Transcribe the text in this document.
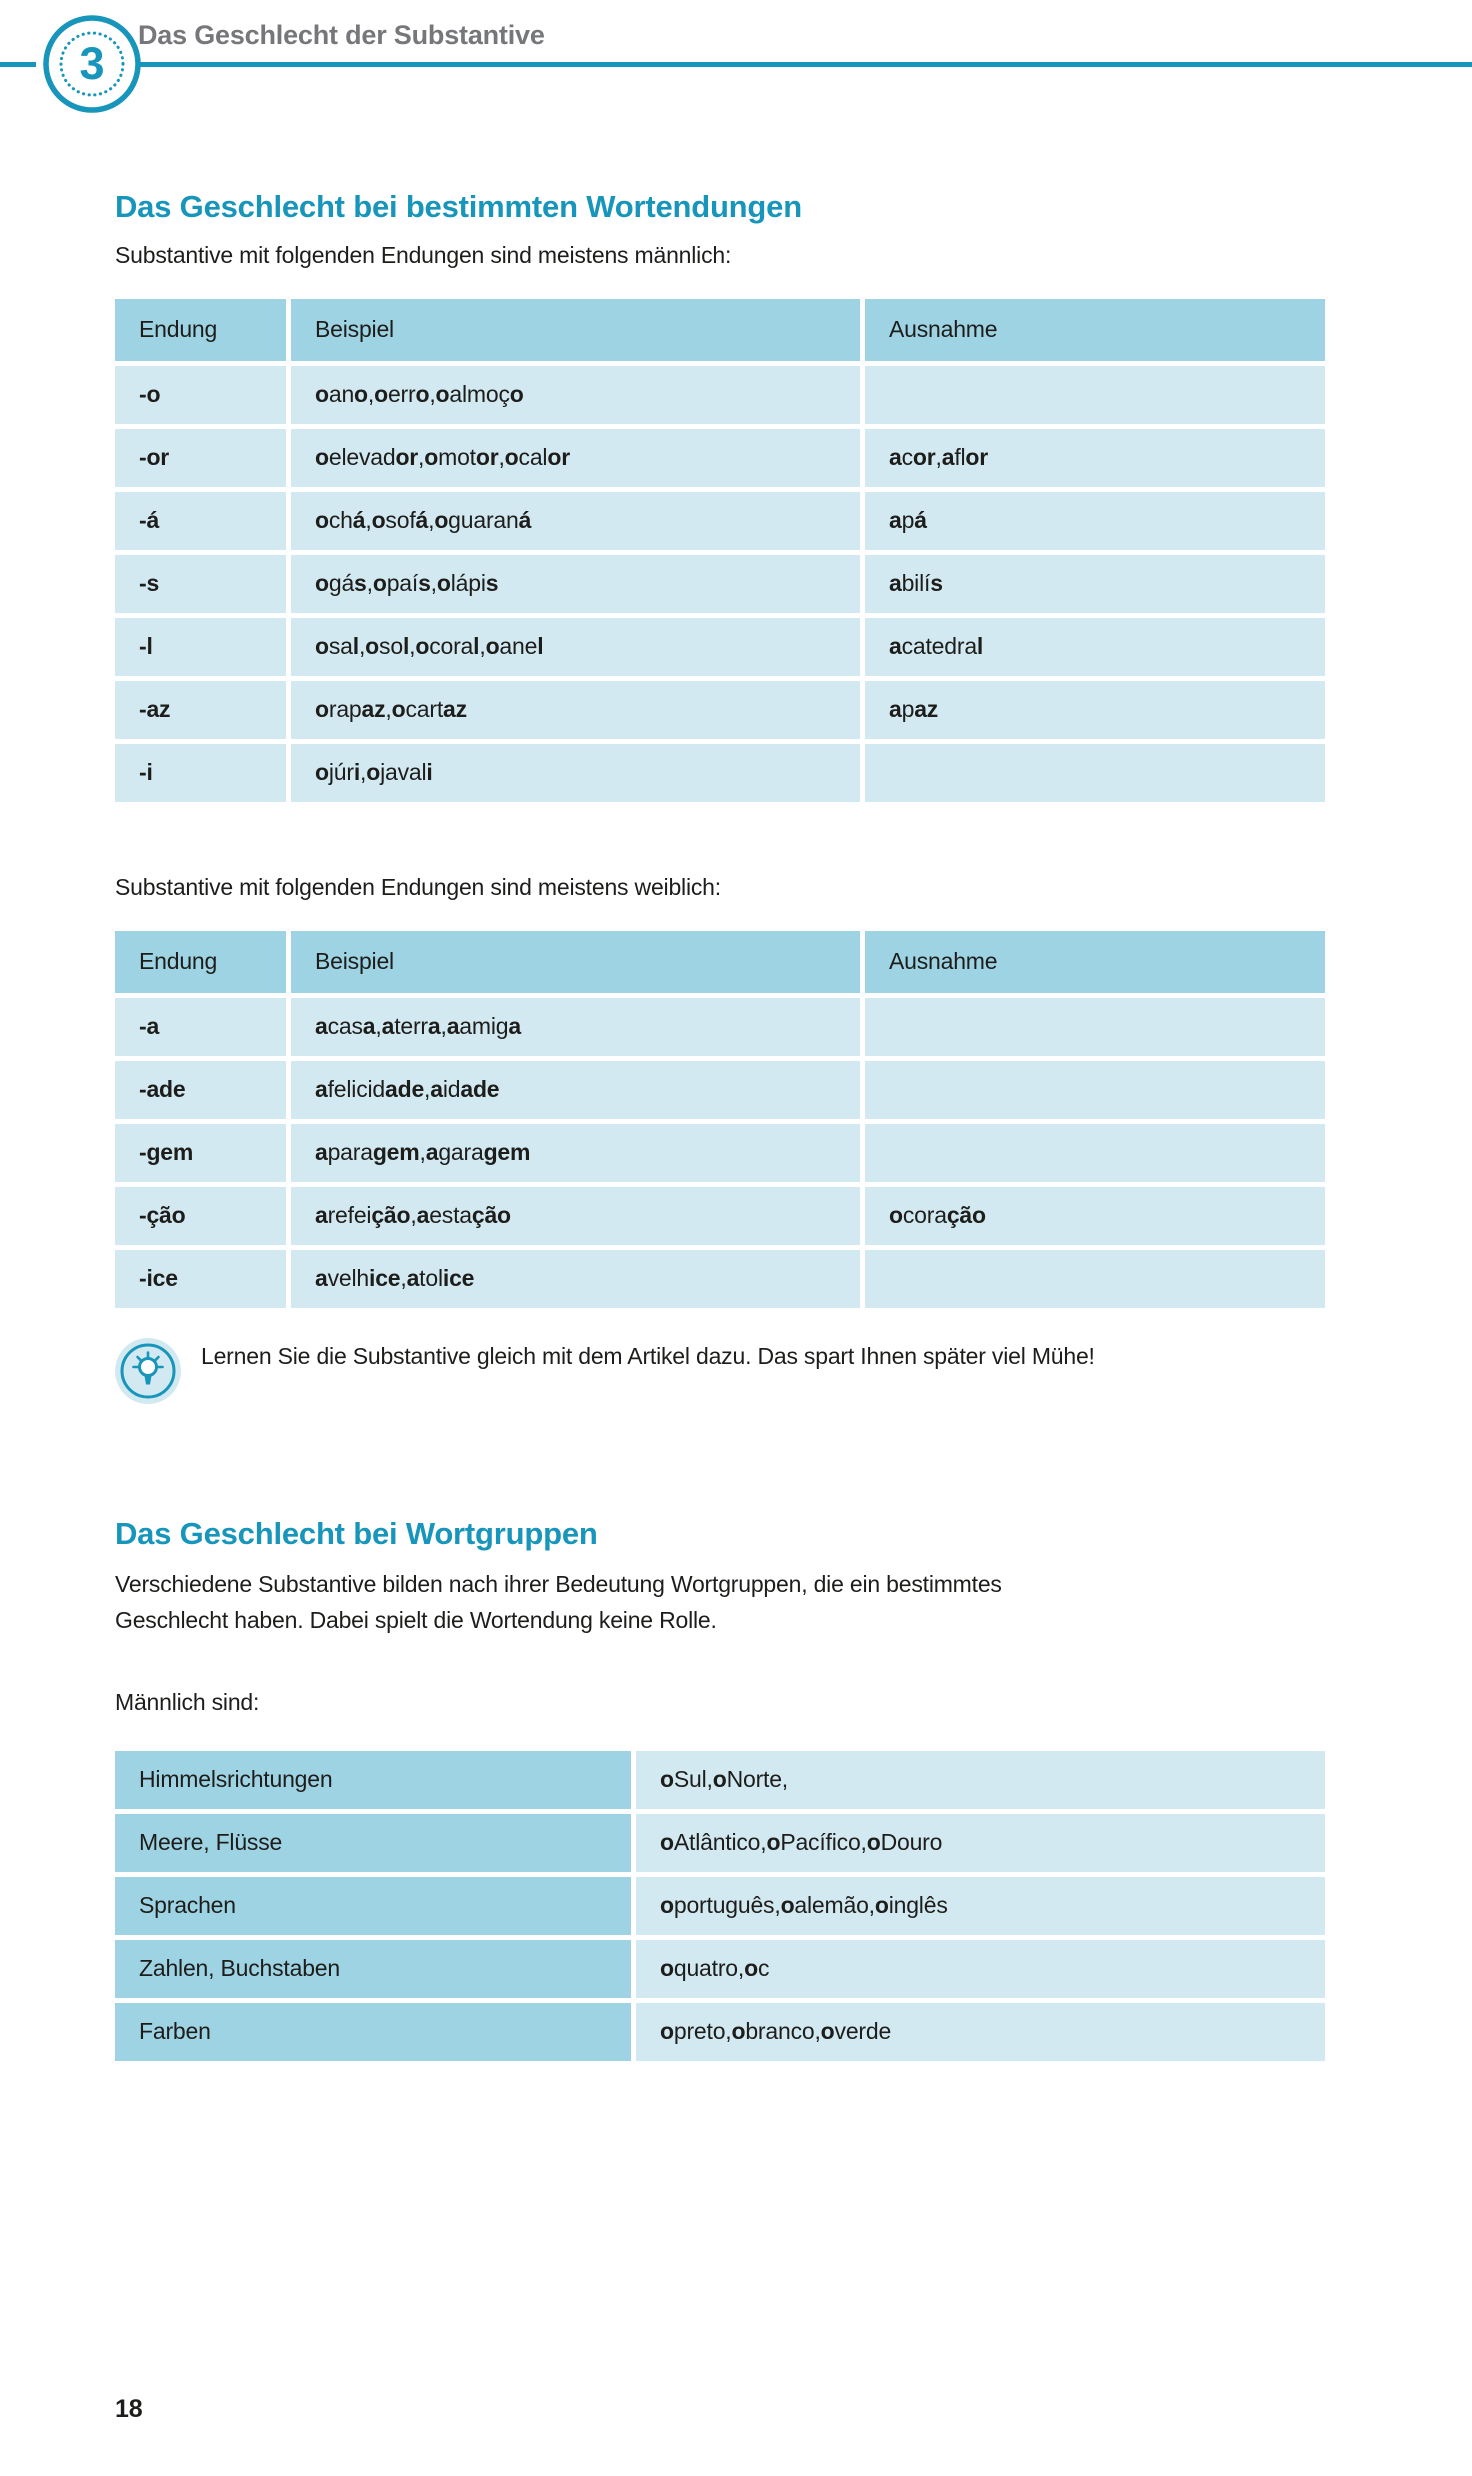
3
Das Geschlecht der Substantive
Das Geschlecht bei bestimmten Wortendungen

Substantive mit folgenden Endungen sind meistens männlich:

Endung	Beispiel	Ausnahme
-o	o an o , o err o , o almoç o
-or	o elevad or , o mot or , o cal or	a c or , a fl or
-á	o ch á , o sof á , o guaran á	a p á
-s	o gá s , o paí s , o lápi s	a bilí s
-l	o sa l , o so l , o cora l , o ane l	a catedra l
-az	o rap az , o cart az	a p az
-i	o júr i , o javal i

Substantive mit folgenden Endungen sind meistens weiblich:

Endung	Beispiel	Ausnahme
-a	a cas a , a terr a , a amig a
-ade	a felicid ade , a id ade
-gem	a para gem , a gara gem
-ção	a refei ção , a esta ção	o cora ção
-ice	a velh ice , a tol ice

Lernen Sie die Substantive gleich mit dem Artikel dazu. Das spart Ihnen später viel Mühe!

Das Geschlecht bei Wortgruppen

Verschiedene Substantive bilden nach ihrer Bedeutung Wortgruppen, die ein bestimmtes Geschlecht haben. Dabei spielt die Wortendung keine Rolle.

Männlich sind:

Himmelsrichtungen	o Sul, o Norte,
Meere, Flüsse	o Atlântico, o Pacífico, o Douro
Sprachen	o português, o alemão, o inglês
Zahlen, Buchstaben	o quatro, o c
Farben	o preto, o branco, o verde
18
